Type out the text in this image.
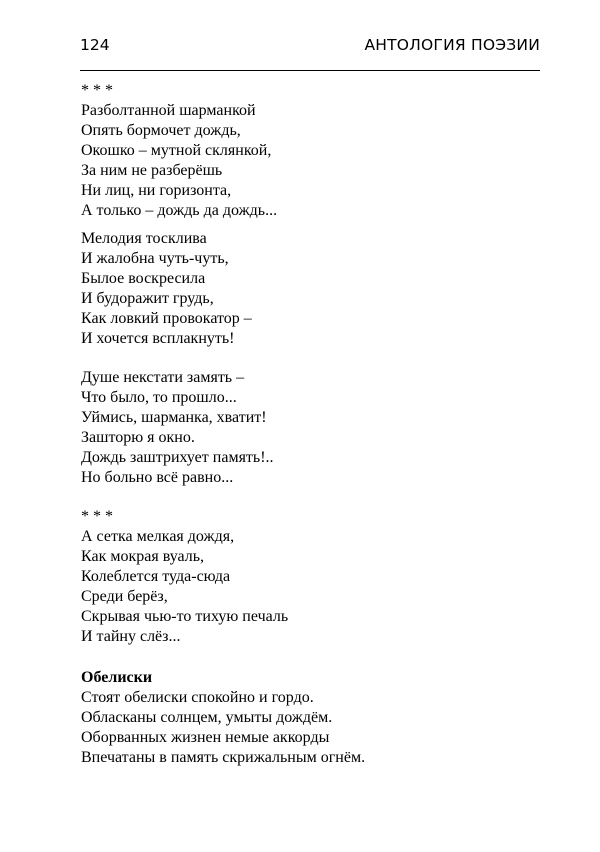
124	АНТОЛОГИЯ ПОЭЗИИ
* * *
Разболтанной шарманкой
Опять бормочет дождь,
Окошко – мутной склянкой,
За ним не разберёшь
Ни лиц, ни горизонта,
А только – дождь да дождь...
Мелодия тосклива
И жалобна чуть-чуть,
Былое воскресила
И будоражит грудь,
Как ловкий провокатор –
И хочется всплакнуть!
Душе некстати замять –
Что было, то прошло...
Уймись, шарманка, хватит!
Зашторю я окно.
Дождь заштрихует память!..
Но больно всё равно...
* * *
А сетка мелкая дождя,
Как мокрая вуаль,
Колеблется туда-сюда
Среди берёз,
Скрывая чью-то тихую печаль
И тайну слёз...
Обелиски
Стоят обелиски спокойно и гордо.
Обласканы солнцем, умыты дождём.
Оборванных жизнен немые аккорды
Впечатаны в память скрижальным огнём.
